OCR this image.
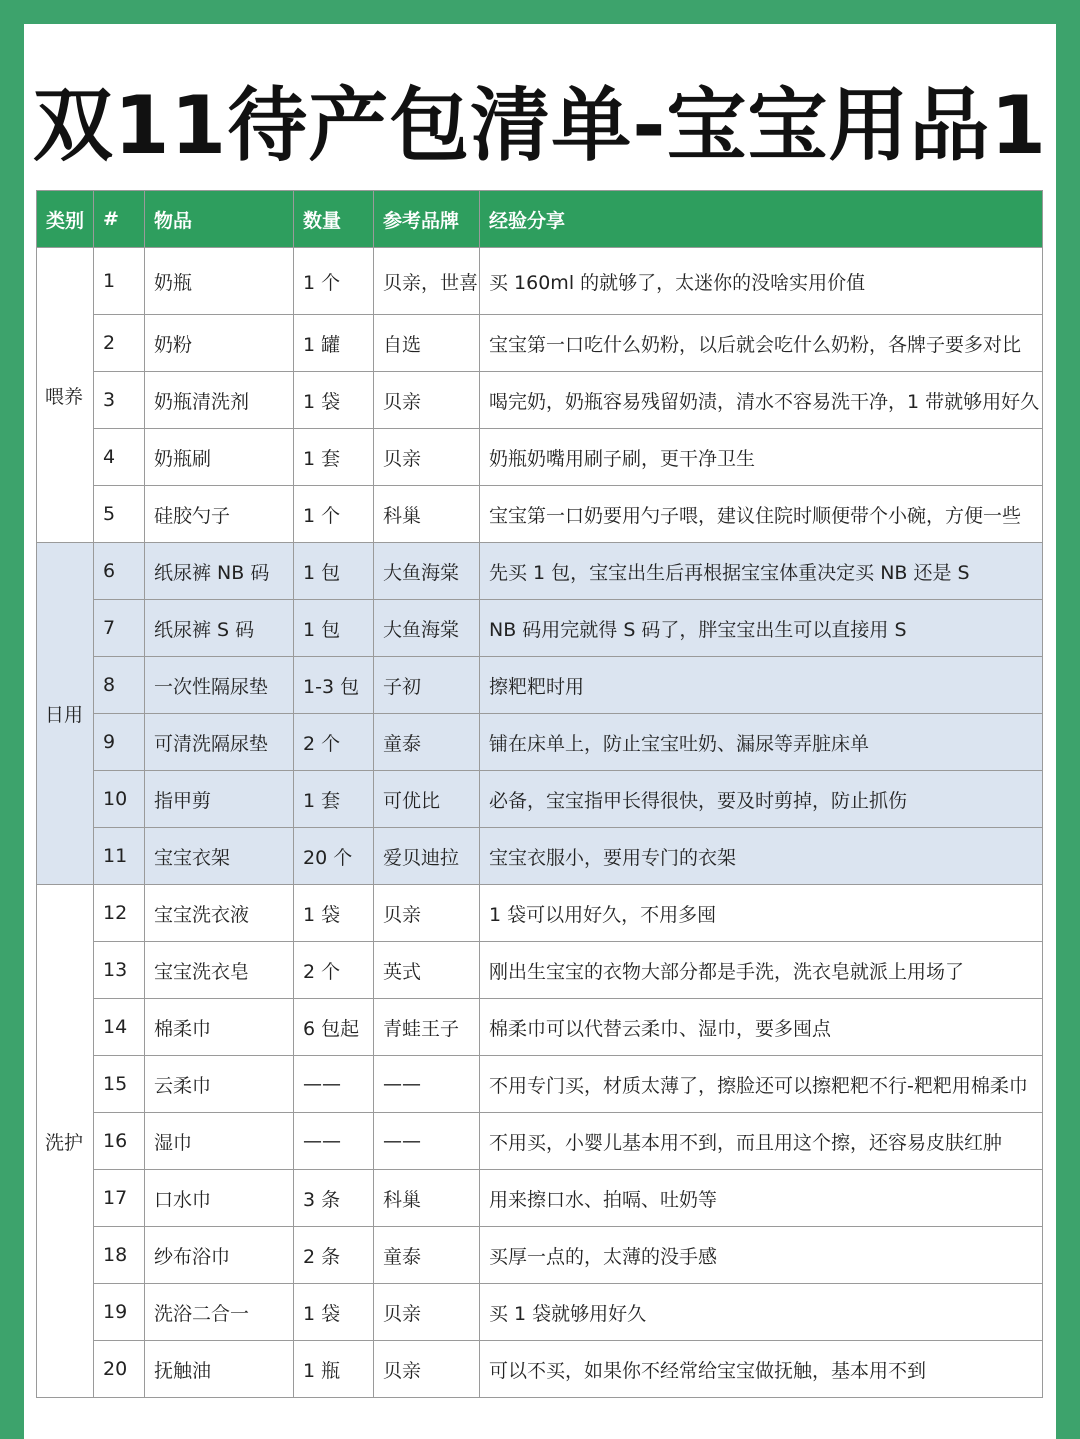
双11待产包清单-宝宝用品1
类别	#	物品	数量	参考品牌	经验分享
喂养	1	奶瓶	1 个	贝亲，世喜	买 160ml 的就够了，太迷你的没啥实用价值
	2	奶粉	1 罐	自选	宝宝第一口吃什么奶粉，以后就会吃什么奶粉，各牌子要多对比
	3	奶瓶清洗剂	1 袋	贝亲	喝完奶，奶瓶容易残留奶渍，清水不容易洗干净，1 带就够用好久
	4	奶瓶刷	1 套	贝亲	奶瓶奶嘴用刷子刷，更干净卫生
	5	硅胶勺子	1 个	科巢	宝宝第一口奶要用勺子喂，建议住院时顺便带个小碗，方便一些
日用	6	纸尿裤 NB 码	1 包	大鱼海棠	先买 1 包，宝宝出生后再根据宝宝体重决定买 NB 还是 S
	7	纸尿裤 S 码	1 包	大鱼海棠	NB 码用完就得 S 码了，胖宝宝出生可以直接用 S
	8	一次性隔尿垫	1-3 包	子初	擦粑粑时用
	9	可清洗隔尿垫	2 个	童泰	铺在床单上，防止宝宝吐奶、漏尿等弄脏床单
	10	指甲剪	1 套	可优比	必备，宝宝指甲长得很快，要及时剪掉，防止抓伤
	11	宝宝衣架	20 个	爱贝迪拉	宝宝衣服小，要用专门的衣架
洗护	12	宝宝洗衣液	1 袋	贝亲	1 袋可以用好久，不用多囤
	13	宝宝洗衣皂	2 个	英式	刚出生宝宝的衣物大部分都是手洗，洗衣皂就派上用场了
	14	棉柔巾	6 包起	青蛙王子	棉柔巾可以代替云柔巾、湿巾，要多囤点
	15	云柔巾	——	——	不用专门买，材质太薄了，擦脸还可以擦粑粑不行-粑粑用棉柔巾
	16	湿巾	——	——	不用买，小婴儿基本用不到，而且用这个擦，还容易皮肤红肿
	17	口水巾	3 条	科巢	用来擦口水、拍嗝、吐奶等
	18	纱布浴巾	2 条	童泰	买厚一点的，太薄的没手感
	19	洗浴二合一	1 袋	贝亲	买 1 袋就够用好久
	20	抚触油	1 瓶	贝亲	可以不买，如果你不经常给宝宝做抚触，基本用不到
